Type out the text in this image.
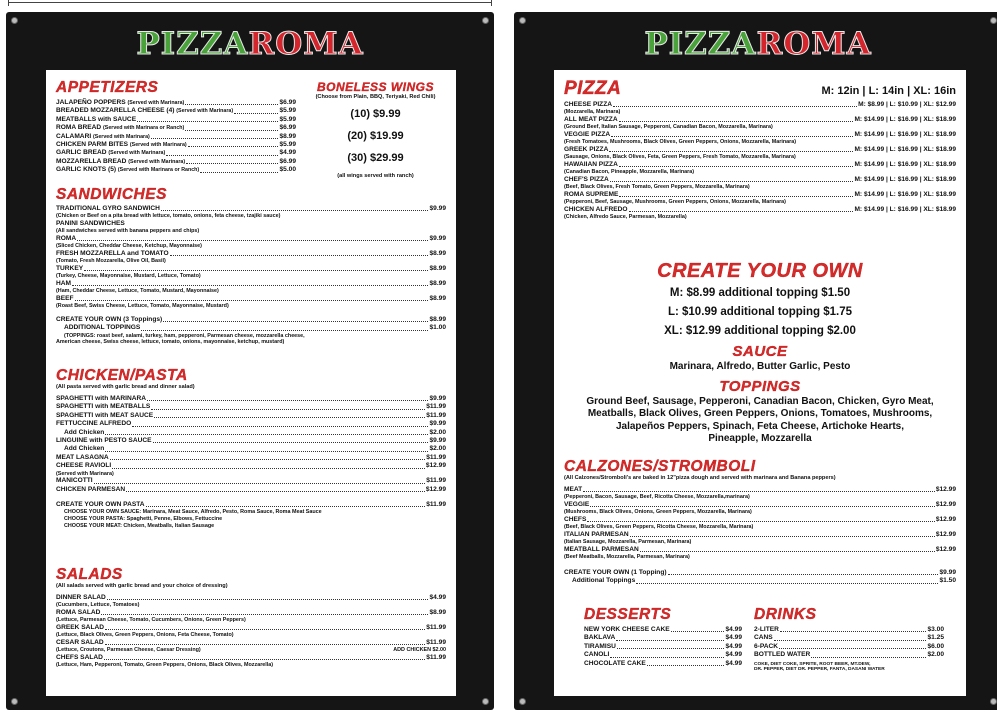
PIZZAROMA
APPETIZERS
JALAPEÑO POPPERS (Served with Marinara)	$6.99
BREADED MOZZARELLA CHEESE (4) (Served with Marinara)	$5.99
MEATBALLS with SAUCE	$5.99
ROMA BREAD (Served with Marinara or Ranch)	$6.99
CALAMARI (Served with Marinara)	$8.99
CHICKEN PARM BITES (Served with Marinara)	$5.99
GARLIC BREAD (Served with Marinara)	$4.99
MOZZARELLA BREAD (Served with Marinara)	$6.99
GARLIC KNOTS (5) (Served with Marinara or Ranch)	$5.00
BONELESS WINGS
(Choose from Plain, BBQ, Teriyaki, Red Chili)
(10) $9.99
(20) $19.99
(30) $29.99
(all wings served with ranch)
SANDWICHES
TRADITIONAL GYRO SANDWICH	$9.99
(Chicken or Beef on a pita bread with lettuce, tomato, onions, feta cheese, tzajiki sauce)
PANINI SANDWICHES
(All sandwiches served with banana peppers and chips)
ROMA	$9.99
(Sliced Chicken, Cheddar Cheese, Ketchup, Mayonnaise)
FRESH MOZZARELLA and TOMATO	$8.99
(Tomato, Fresh Mozzarella, Olive Oil, Basil)
TURKEY	$8.99
(Turkey, Cheese, Mayonnaise, Mustard, Lettuce, Tomato)
HAM	$8.99
(Ham, Cheddar Cheese, Lettuce, Tomato, Mustard, Mayonnaise)
BEEF	$8.99
(Roast Beef, Swiss Cheese, Lettuce, Tomato, Mayonnaise, Mustard)
CREATE YOUR OWN (3 Toppings)	$8.99
ADDITIONAL TOPPINGS	$1.00
(TOPPINGS: roast beef, salami, turkey, ham, pepperoni, Parmesan cheese, mozzarella cheese,
American cheese, Swiss cheese, lettuce, tomato, onions, mayonnaise, ketchup, mustard)
CHICKEN/PASTA
(All pasta served with garlic bread and dinner salad)
SPAGHETTI with MARINARA	$9.99
SPAGHETTI with MEATBALLS	$11.99
SPAGHETTI with MEAT SAUCE	$11.99
FETTUCCINE ALFREDO	$9.99
Add Chicken	$2.00
LINGUINE with PESTO SAUCE	$9.99
Add Chicken	$2.00
MEAT LASAGNA	$11.99
CHEESE RAVIOLI	$12.99
(Served with Marinara)
MANICOTTI	$11.99
CHICKEN PARMESAN	$12.99
CREATE YOUR OWN PASTA	$11.99
CHOOSE YOUR OWN SAUCE: Marinara, Meat Sauce, Alfredo, Pesto, Roma Sauce, Roma Meat Sauce
CHOOSE YOUR PASTA: Spaghetti, Penne, Elbows, Fettuccine
CHOOSE YOUR MEAT: Chicken, Meatballs, Italian Sausage
SALADS
(All salads served with garlic bread and your choice of dressing)
DINNER SALAD	$4.99
(Cucumbers, Lettuce, Tomatoes)
ROMA SALAD	$8.99
(Lettuce, Parmesan Cheese, Tomato, Cucumbers, Onions, Green Peppers)
GREEK SALAD	$11.99
(Lettuce, Black Olives, Green Peppers, Onions, Feta Cheese, Tomato)
CESAR SALAD	$11.99
(Lettuce, Croutons, Parmesan Cheese, Caesar Dressing)	ADD CHICKEN $2.00
CHEFS SALAD	$11.99
(Lettuce, Ham, Pepperoni, Tomato, Green Peppers, Onions, Black Olives, Mozzarella)
PIZZAROMA
PIZZA	M: 12in | L: 14in | XL: 16in
CHEESE PIZZA	M: $8.99 | L: $10.99 | XL: $12.99
(Mozzarella, Marinara)
ALL MEAT PIZZA	M: $14.99 | L: $16.99 | XL: $18.99
(Ground Beef, Italian Sausage, Pepperoni, Canadian Bacon, Mozzarella, Marinara)
VEGGIE PIZZA	M: $14.99 | L: $16.99 | XL: $18.99
(Fresh Tomatoes, Mushrooms, Black Olives, Green Peppers, Onions, Mozzarella, Marinara)
GREEK PIZZA	M: $14.99 | L: $16.99 | XL: $18.99
(Sausage, Onions, Black Olives, Feta, Green Peppers, Fresh Tomato, Mozzarella, Marinara)
HAWAIIAN PIZZA	M: $14.99 | L: $16.99 | XL: $18.99
(Canadian Bacon, Pineapple, Mozzarella, Marinara)
CHEF'S PIZZA	M: $14.99 | L: $16.99 | XL: $18.99
(Beef, Black Olives, Fresh Tomato, Green Peppers, Mozzarella, Marinara)
ROMA SUPREME	M: $14.99 | L: $16.99 | XL: $18.99
(Pepperoni, Beef, Sausage, Mushrooms, Green Peppers, Onions, Mozzarella, Marinara)
CHICKEN ALFREDO	M: $14.99 | L: $16.99 | XL: $18.99
(Chicken, Alfredo Sauce, Parmesan, Mozzarella)
CREATE YOUR OWN
M: $8.99 additional topping $1.50
L: $10.99 additional topping $1.75
XL: $12.99 additional topping $2.00
SAUCE
Marinara, Alfredo, Butter Garlic, Pesto
TOPPINGS
Ground Beef, Sausage, Pepperoni, Canadian Bacon, Chicken, Gyro Meat,
Meatballs, Black Olives, Green Peppers, Onions, Tomatoes, Mushrooms,
Jalapeños Peppers, Spinach, Feta Cheese, Artichoke Hearts,
Pineapple, Mozzarella
CALZONES/STROMBOLI
(All Calzones/Stromboli's are baked in 12"pizza dough and served with marinara and Banana peppers)
MEAT	$12.99
(Pepperoni, Bacon, Sausage, Beef, Ricotta Cheese, Mozzarella,marinara)
VEGGIE	$12.99
(Mushrooms, Black Olives, Onions, Green Peppers, Mozzarella, Marinara)
CHEFS	$12.99
(Beef, Black Olives, Green Peppers, Ricotta Cheese, Mozzarella, Marinara)
ITALIAN PARMESAN	$12.99
(Italian Sausage, Mozzarella, Parmesan, Marinara)
MEATBALL PARMESAN	$12.99
(Beef Meatballs, Mozzarella, Parmesan, Marinara)
CREATE YOUR OWN (1 Topping)	$9.99
Additional Toppings	$1.50
DESSERTS
NEW YORK CHEESE CAKE	$4.99
BAKLAVA	$4.99
TIRAMISU	$4.99
CANOLI	$4.99
CHOCOLATE CAKE	$4.99
DRINKS
2-LITER	$3.00
CANS	$1.25
6-PACK	$6.00
BOTTLED WATER	$2.00
COKE, DIET COKE, SPRITE, ROOT BEER, MT.DEW,
DR. PEPPER, DIET DR. PEPPER, FANTA, DASANI WATER
